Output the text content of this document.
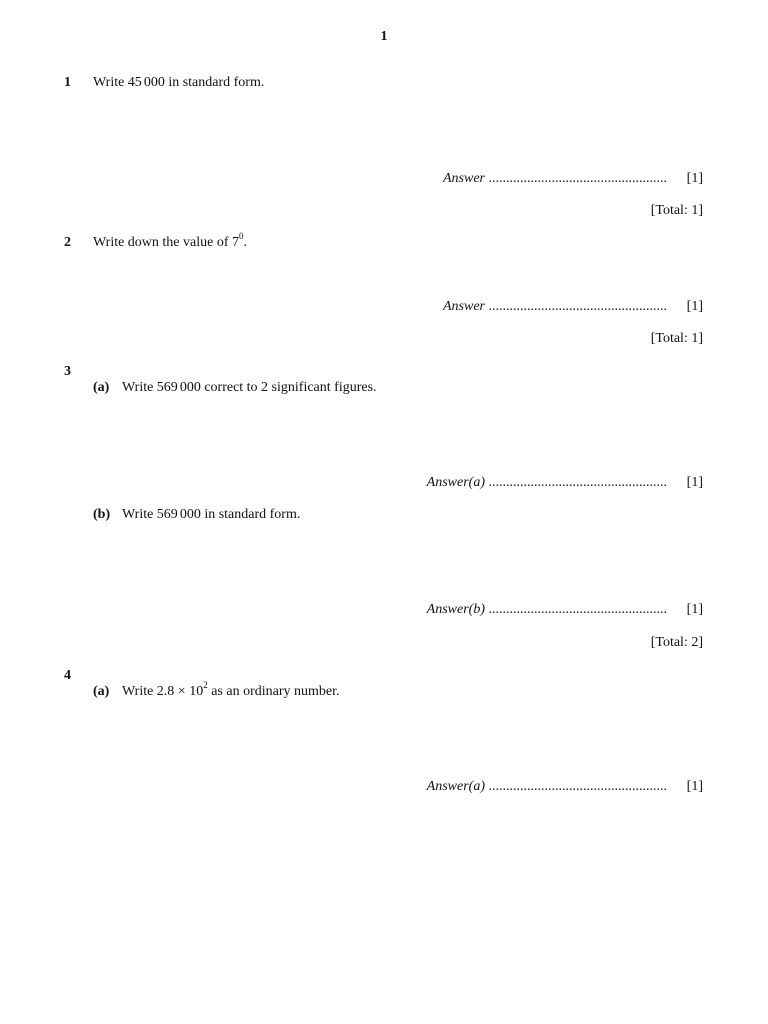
1
1 Write 45 000 in standard form.
Answer ................................................... [1]
[Total: 1]
2 Write down the value of $7^0$.
Answer ................................................... [1]
[Total: 1]
3
(a) Write 569 000 correct to 2 significant figures.
Answer(a) ................................................... [1]
(b) Write 569 000 in standard form.
Answer(b) ................................................... [1]
[Total: 2]
4
(a) Write $2.8 \times 10^2$ as an ordinary number.
Answer(a) ................................................... [1]
